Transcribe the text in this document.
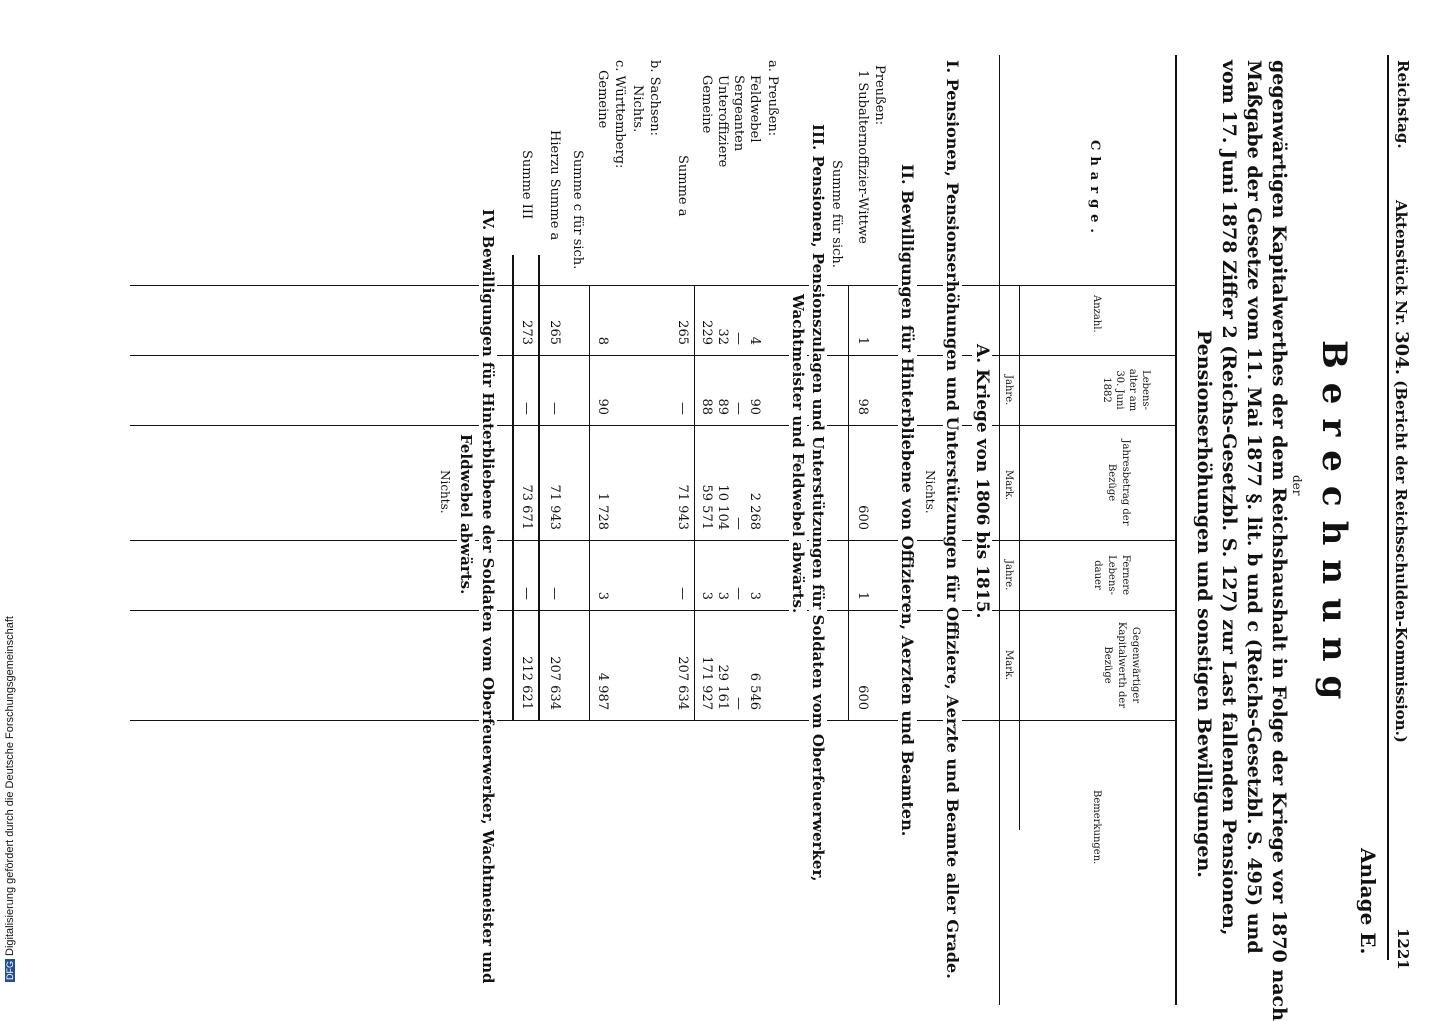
Reichstag.
Aktenstück Nr. 304. (Bericht der Reichsschulden-Kommission.)
1221
Anlage E.
Berechnung
der
gegenwärtigen Kapitalwerthes der dem Reichshaushalt in Folge der Kriege vor 1870 nach
Maßgabe der Gesetze vom 11. Mai 1877 §. lit. b und c (Reichs-Gesetzbl. S. 495) und
vom 17. Juni 1878 Ziffer 2 (Reichs-Gesetzbl. S. 127) zur Last fallenden Pensionen,
Pensionserhöhungen und sonstigen Bewilligungen.
Charge.
Anzahl.
Lebens-alter am 30. Juni 1882
Jahresbetrag der Bezüge
Fernere Lebens-dauer
Gegenwärtiger Kapitalwerth der Bezüge
Bemerkungen.
Jahre.
Mark.
Jahre.
Mark.
A. Kriege von 1806 bis 1815.
I. Pensionen, Pensionserhöhungen und Unterstützungen für Offiziere, Aerzte und Beamte aller Grade.
Nichts.
II. Bewilligungen für Hinterbliebene von Offizieren, Aerzten und Beamten.
Preußen:
1 Subalternoffizier-Wittwe
1
98
600
1
600
Summe für sich.
III. Pensionen, Pensionszulagen und Unterstützungen für Soldaten vom Oberfeuerwerker,
Wachtmeister und Feldwebel abwärts.
a. Preußen:
Summe a
265
—
71 943
—
207 634
b. Sachsen:
Nichts.
c. Württemberg:
Gemeine
8
90
1 728
3
4 987
Summe c für sich.
Hierzu Summe a
265
—
71 943
—
207 634
Summe III
273
—
73 671
—
212 621
IV. Bewilligungen für Hinterbliebene der Soldaten vom Oberfeuerwerker, Wachtmeister und
Feldwebel abwärts.
Nichts.
Feldwebel
4
90
2 268
3
6 546
Sergeanten
—
—
—
—
—
Unteroffiziere
32
89
10 104
3
29 161
Gemeine
229
88
59 571
3
171 927
DFGDigitalisierung gefördert durch die Deutsche Forschungsgemeinschaft
